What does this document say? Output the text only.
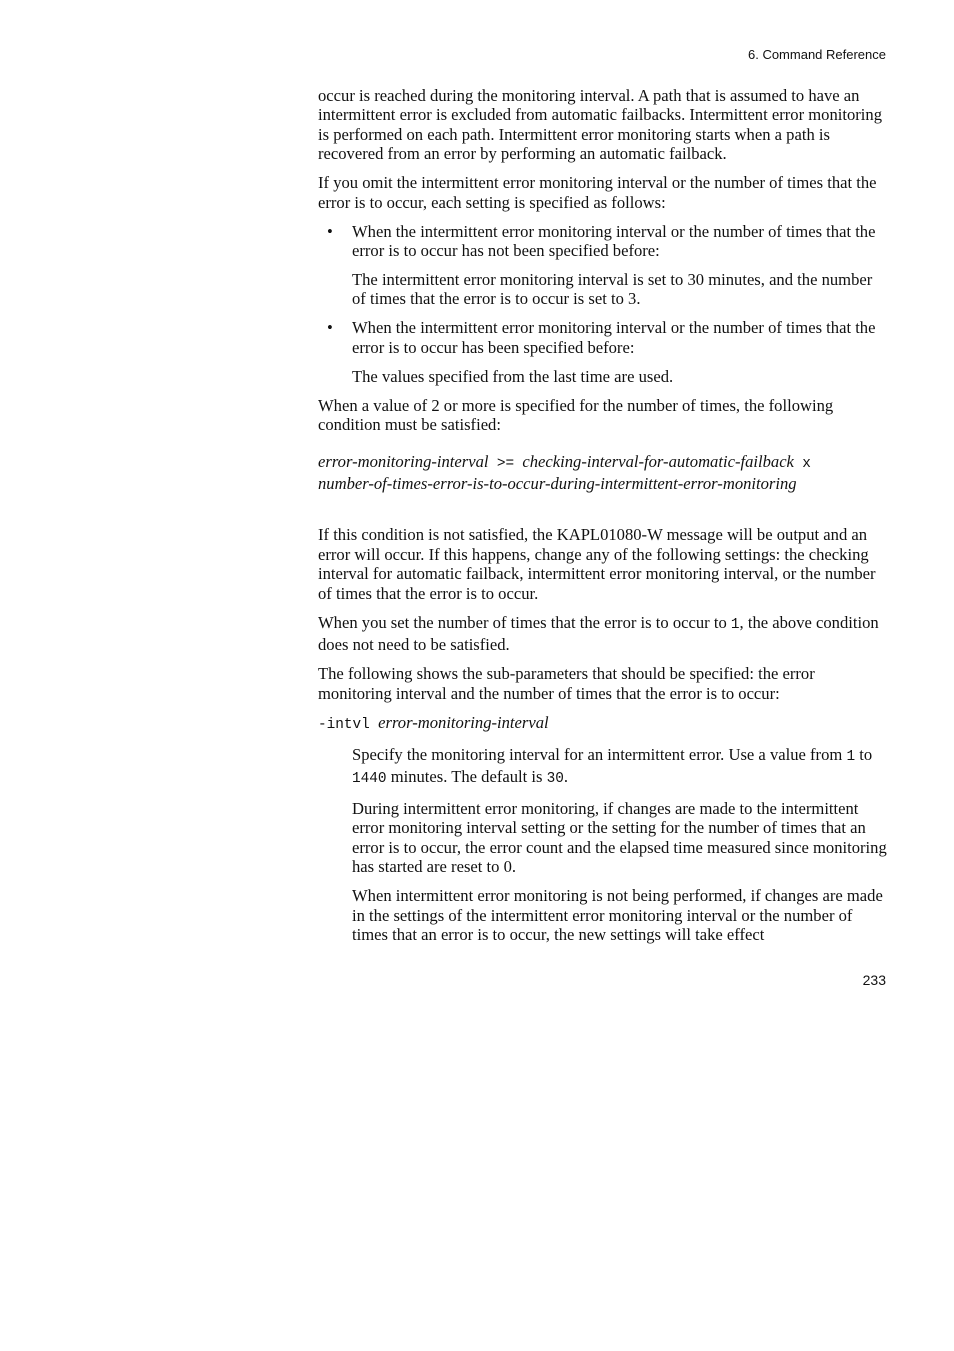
6. Command Reference

occur is reached during the monitoring interval. A path that is assumed to have an intermittent error is excluded from automatic failbacks. Intermittent error monitoring is performed on each path. Intermittent error monitoring starts when a path is recovered from an error by performing an automatic failback.

If you omit the intermittent error monitoring interval or the number of times that the error is to occur, each setting is specified as follows:

• When the intermittent error monitoring interval or the number of times that the error is to occur has not been specified before:

The intermittent error monitoring interval is set to 30 minutes, and the number of times that the error is to occur is set to 3.

• When the intermittent error monitoring interval or the number of times that the error is to occur has been specified before:

The values specified from the last time are used.

When a value of 2 or more is specified for the number of times, the following condition must be satisfied:

error-monitoring-interval >= checking-interval-for-automatic-failback x
number-of-times-error-is-to-occur-during-intermittent-error-monitoring

If this condition is not satisfied, the KAPL01080-W message will be output and an error will occur. If this happens, change any of the following settings: the checking interval for automatic failback, intermittent error monitoring interval, or the number of times that the error is to occur.

When you set the number of times that the error is to occur to 1, the above condition does not need to be satisfied.

The following shows the sub-parameters that should be specified: the error monitoring interval and the number of times that the error is to occur:

-intvl error-monitoring-interval

Specify the monitoring interval for an intermittent error. Use a value from 1 to 1440 minutes. The default is 30.

During intermittent error monitoring, if changes are made to the intermittent error monitoring interval setting or the setting for the number of times that an error is to occur, the error count and the elapsed time measured since monitoring has started are reset to 0.

When intermittent error monitoring is not being performed, if changes are made in the settings of the intermittent error monitoring interval or the number of times that an error is to occur, the new settings will take effect

233
